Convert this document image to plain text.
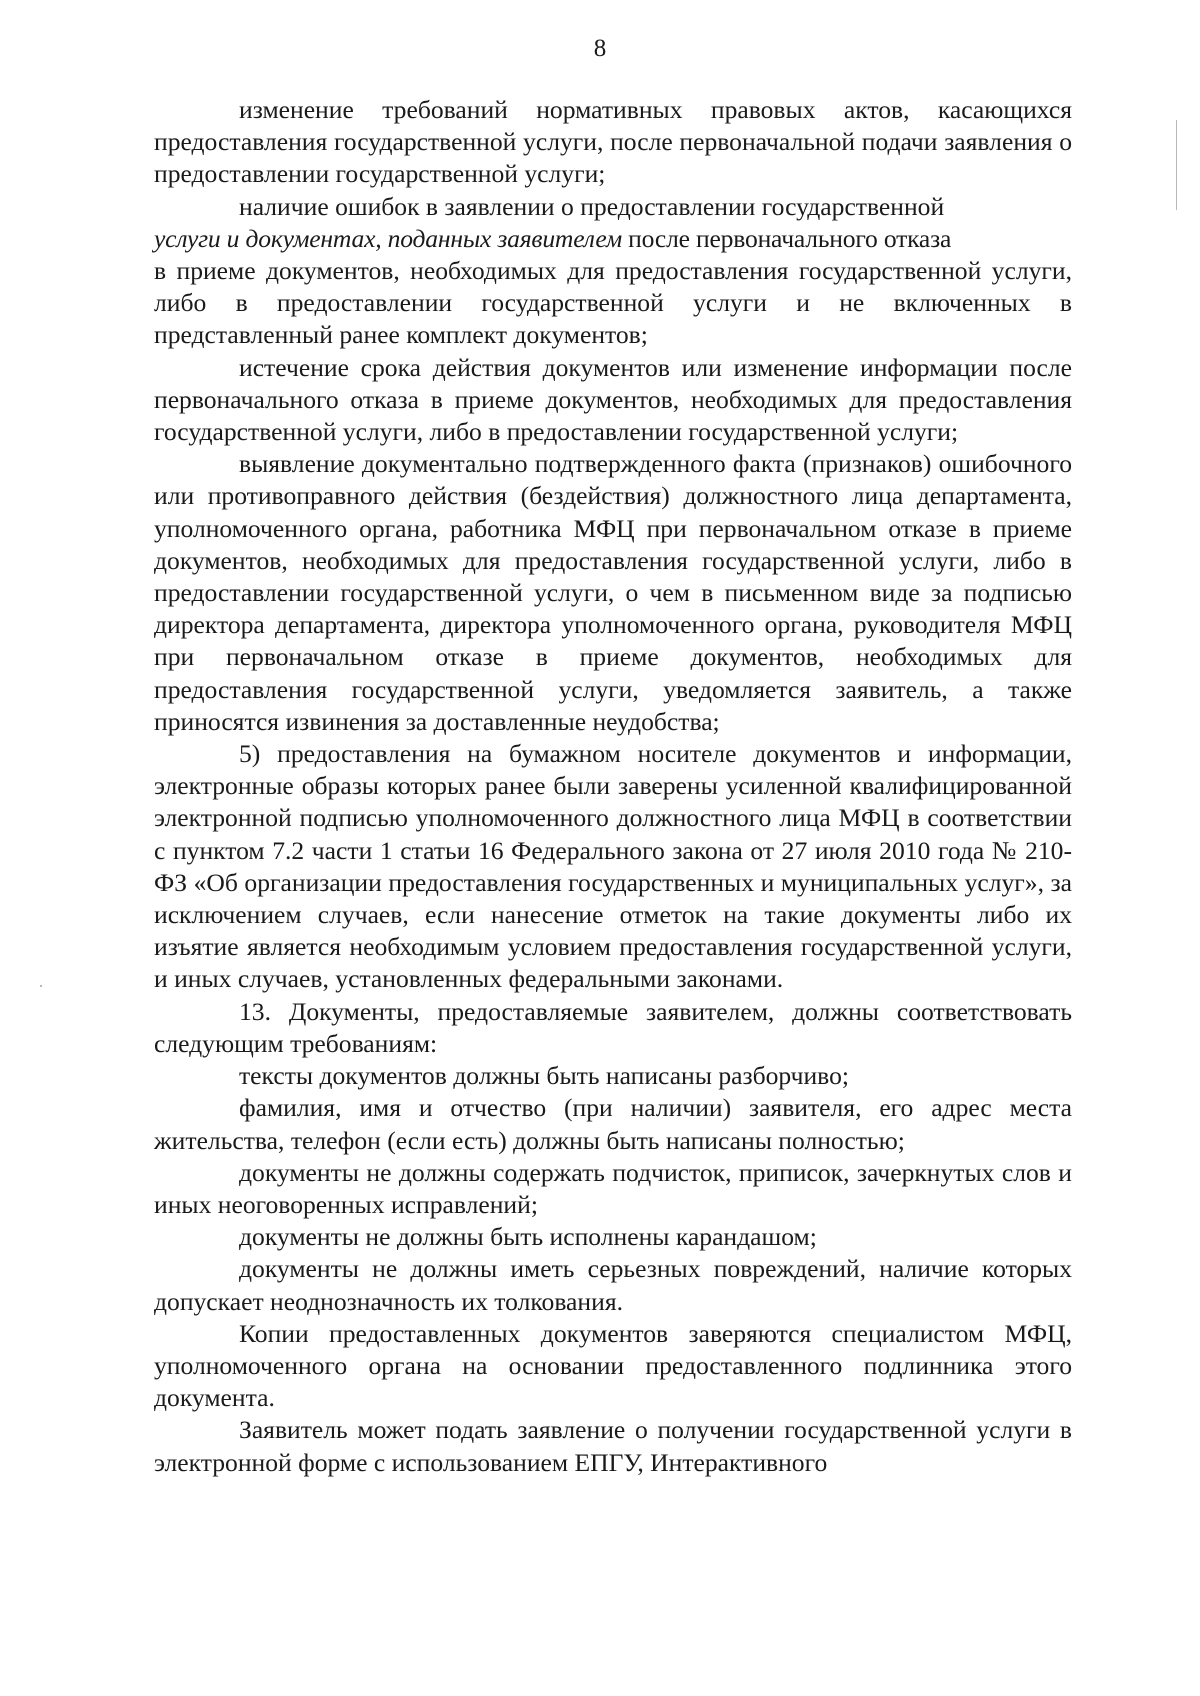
8

изменение требований нормативных правовых актов, касающихся предоставления государственной услуги, после первоначальной подачи заявления о предоставлении государственной услуги;

наличие ошибок в заявлении о предоставлении государственной

услуги и документах, поданных заявителем после первоначального отказа

в приеме документов, необходимых для предоставления государственной услуги, либо в предоставлении государственной услуги и не включенных в представленный ранее комплект документов;

истечение срока действия документов или изменение информации после первоначального отказа в приеме документов, необходимых для предоставления государственной услуги, либо в предоставлении государственной услуги;

выявление документально подтвержденного факта (признаков) ошибочного или противоправного действия (бездействия) должностного лица департамента, уполномоченного органа, работника МФЦ при первоначальном отказе в приеме документов, необходимых для предоставления государственной услуги, либо в предоставлении государственной услуги, о чем в письменном виде за подписью директора департамента, директора уполномоченного органа, руководителя МФЦ при первоначальном отказе в приеме документов, необходимых для предоставления государственной услуги, уведомляется заявитель, а также приносятся извинения за доставленные неудобства;

5) предоставления на бумажном носителе документов и информации, электронные образы которых ранее были заверены усиленной квалифицированной электронной подписью уполномоченного должностного лица МФЦ в соответствии с пунктом 7.2 части 1 статьи 16 Федерального закона от 27 июля 2010 года № 210-ФЗ «Об организации предоставления государственных и муниципальных услуг», за исключением случаев, если нанесение отметок на такие документы либо их изъятие является необходимым условием предоставления государственной услуги, и иных случаев, установленных федеральными законами.

13. Документы, предоставляемые заявителем, должны соответствовать следующим требованиям:

тексты документов должны быть написаны разборчиво;

фамилия, имя и отчество (при наличии) заявителя, его адрес места жительства, телефон (если есть) должны быть написаны полностью;

документы не должны содержать подчисток, приписок, зачеркнутых слов и иных неоговоренных исправлений;

документы не должны быть исполнены карандашом;

документы не должны иметь серьезных повреждений, наличие которых допускает неоднозначность их толкования.

Копии предоставленных документов заверяются специалистом МФЦ, уполномоченного органа на основании предоставленного подлинника этого документа.

Заявитель может подать заявление о получении государственной услуги в электронной форме с использованием ЕПГУ, Интерактивного
